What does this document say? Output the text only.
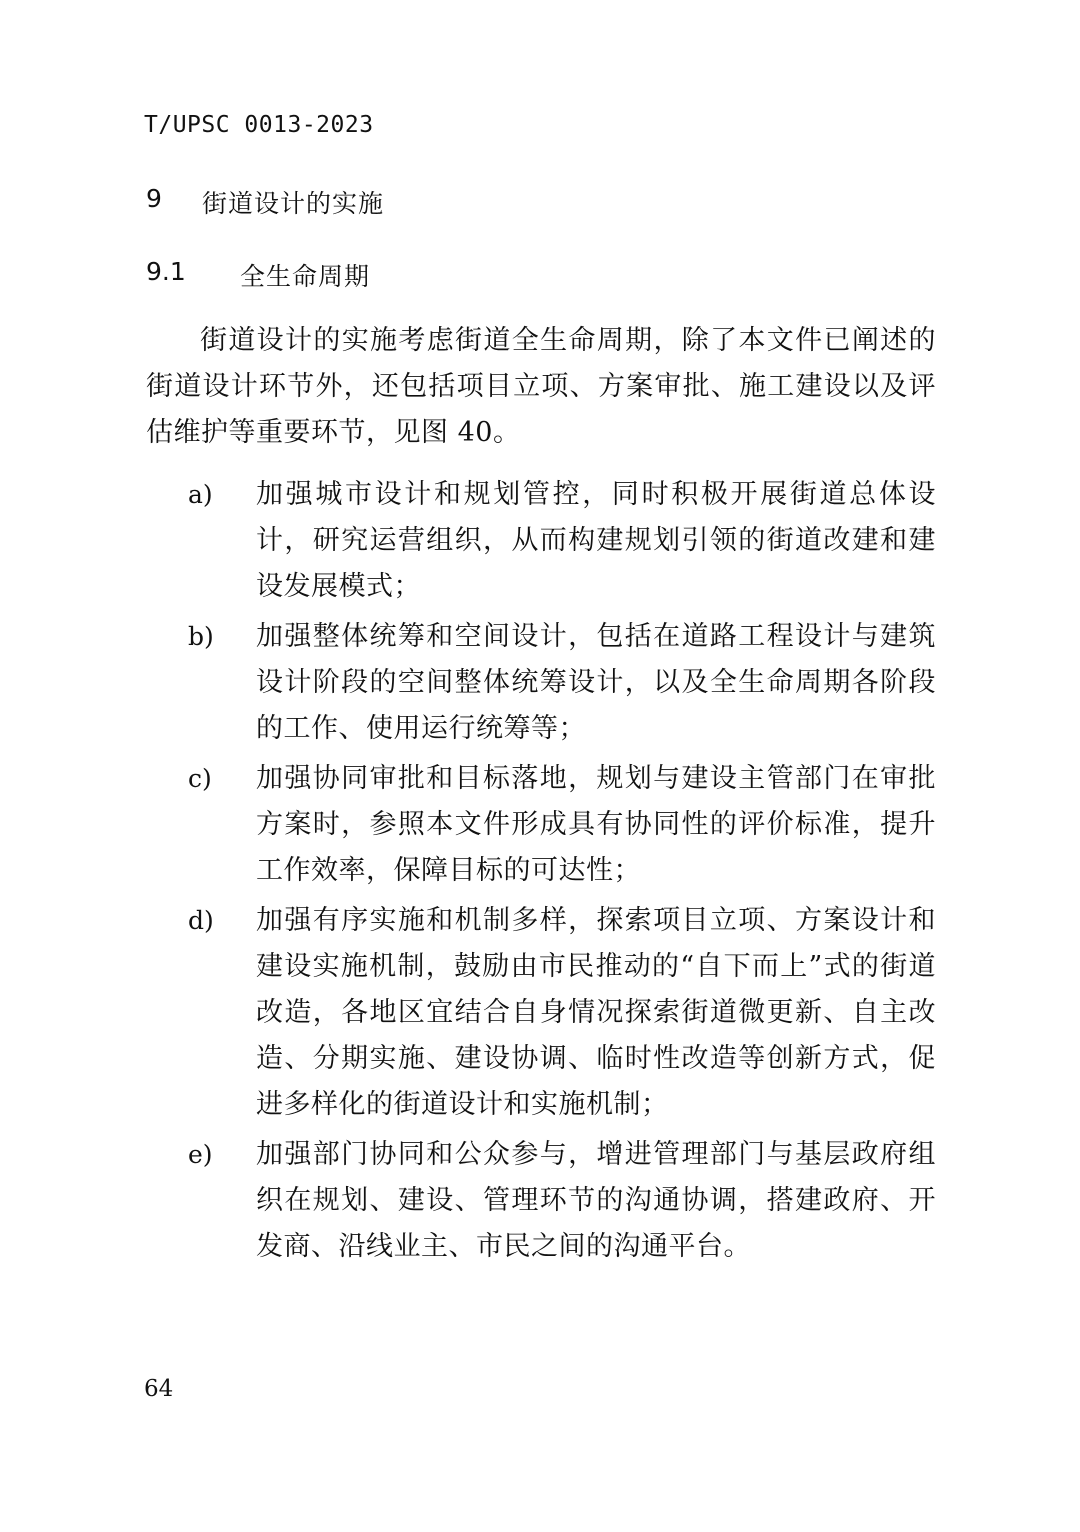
T/UPSC 0013-2023
9 街道设计的实施
9.1 全生命周期

街道设计的实施考虑街道全生命周期，除了本文件已阐述的街道设计环节外，还包括项目立项、方案审批、施工建设以及评估维护等重要环节，见图 40。

a) 加强城市设计和规划管控，同时积极开展街道总体设计，研究运营组织，从而构建规划引领的街道改建和建设发展模式；
b) 加强整体统筹和空间设计，包括在道路工程设计与建筑设计阶段的空间整体统筹设计，以及全生命周期各阶段的工作、使用运行统筹等；
c) 加强协同审批和目标落地，规划与建设主管部门在审批方案时，参照本文件形成具有协同性的评价标准，提升工作效率，保障目标的可达性；
d) 加强有序实施和机制多样，探索项目立项、方案设计和建设实施机制，鼓励由市民推动的“自下而上”式的街道改造，各地区宜结合自身情况探索街道微更新、自主改造、分期实施、建设协调、临时性改造等创新方式，促进多样化的街道设计和实施机制；
e) 加强部门协同和公众参与，增进管理部门与基层政府组织在规划、建设、管理环节的沟通协调，搭建政府、开发商、沿线业主、市民之间的沟通平台。
64
